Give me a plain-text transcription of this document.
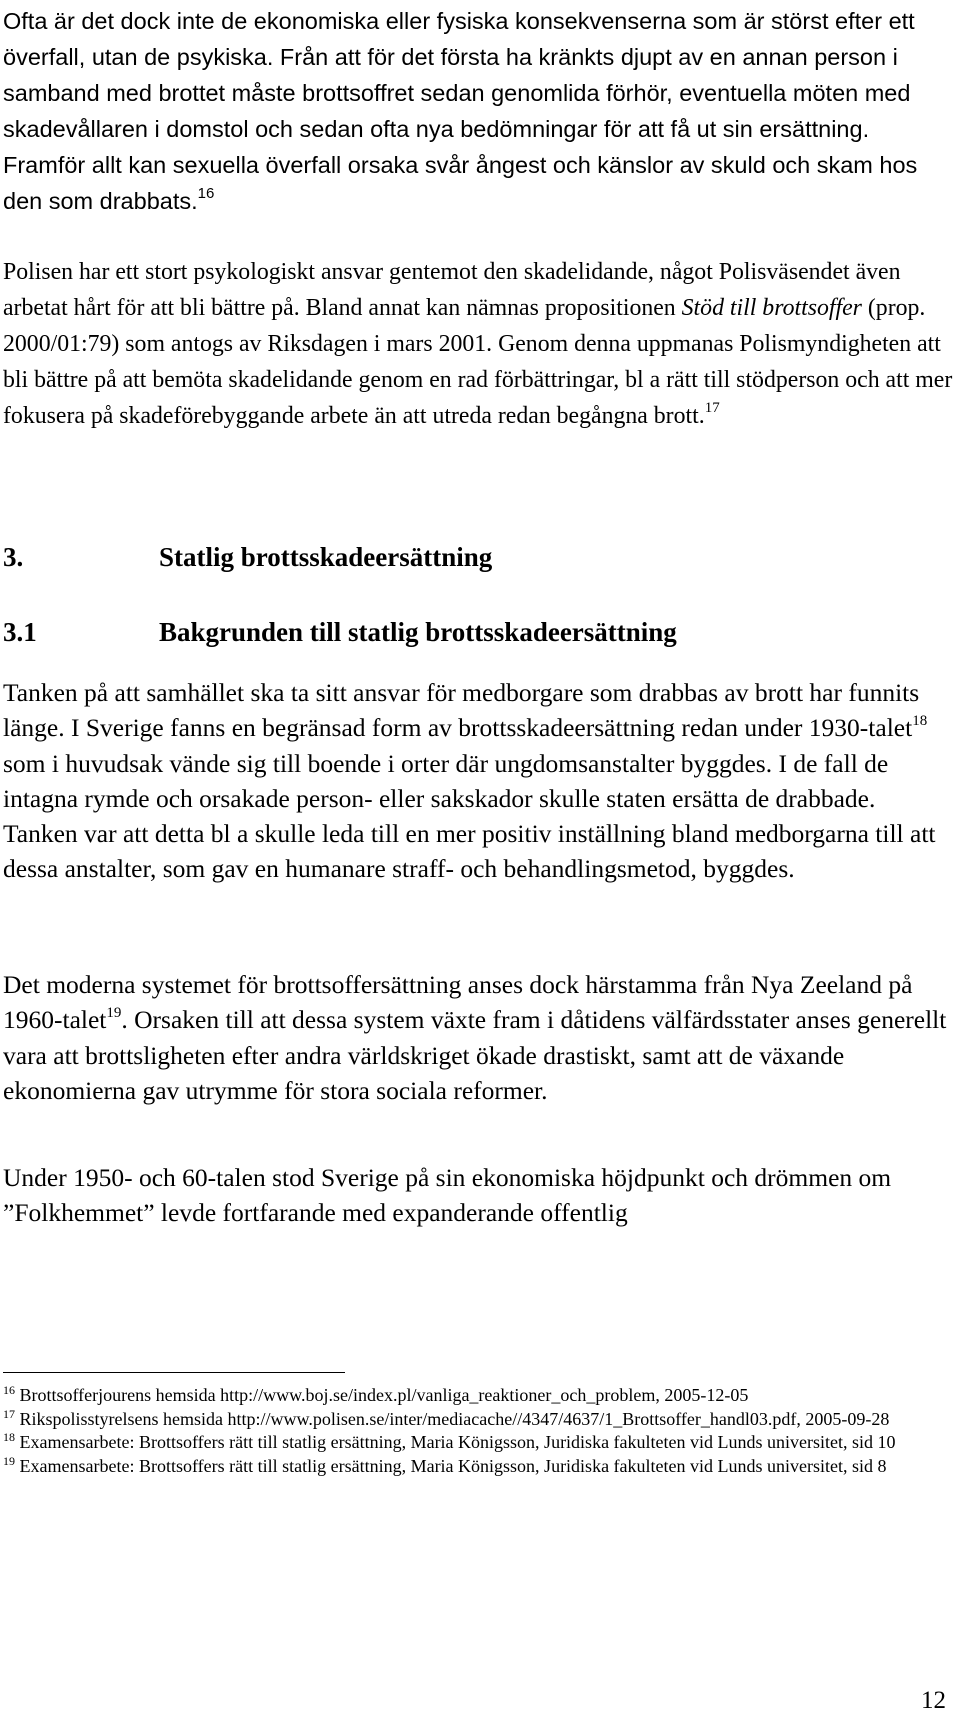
Ofta är det dock inte de ekonomiska eller fysiska konsekvenserna som är störst efter ett överfall, utan de psykiska. Från att för det första ha kränkts djupt av en annan person i samband med brottet måste brottsoffret sedan genomlida förhör, eventuella möten med skadevållaren i domstol och sedan ofta nya bedömningar för att få ut sin ersättning. Framför allt kan sexuella överfall orsaka svår ångest och känslor av skuld och skam hos den som drabbats.$^{16}$

Polisen har ett stort psykologiskt ansvar gentemot den skadelidande, något Polisväsendet även arbetat hårt för att bli bättre på. Bland annat kan nämnas propositionen Stöd till brottsoffer (prop. 2000/01:79) som antogs av Riksdagen i mars 2001. Genom denna uppmanas Polismyndigheten att bli bättre på att bemöta skadelidande genom en rad förbättringar, bl a rätt till stödperson och att mer fokusera på skadeförebyggande arbete än att utreda redan begångna brott.$^{17}$

3.	Statlig brottsskadeersättning
3.1	Bakgrunden till statlig brottsskadeersättning

Tanken på att samhället ska ta sitt ansvar för medborgare som drabbas av brott har funnits länge. I Sverige fanns en begränsad form av brottsskadeersättning redan under 1930-talet$^{18}$ som i huvudsak vände sig till boende i orter där ungdomsanstalter byggdes. I de fall de intagna rymde och orsakade person- eller sakskador skulle staten ersätta de drabbade. Tanken var att detta bl a skulle leda till en mer positiv inställning bland medborgarna till att dessa anstalter, som gav en humanare straff- och behandlingsmetod, byggdes.

Det moderna systemet för brottsoffersättning anses dock härstamma från Nya Zeeland på 1960-talet$^{19}$. Orsaken till att dessa system växte fram i dåtidens välfärdsstater anses generellt vara att brottsligheten efter andra världskriget ökade drastiskt, samt att de växande ekonomierna gav utrymme för stora sociala reformer.

Under 1950- och 60-talen stod Sverige på sin ekonomiska höjdpunkt och drömmen om ”Folkhemmet” levde fortfarande med expanderande offentlig

$^{16}$ Brottsofferjourens hemsida http://www.boj.se/index.pl/vanliga_reaktioner_och_problem, 2005-12-05

$^{17}$ Rikspolisstyrelsens hemsida http://www.polisen.se/inter/mediacache//4347/4637/1_Brottsoffer_handl03.pdf, 2005-09-28

$^{18}$ Examensarbete: Brottsoffers rätt till statlig ersättning, Maria Königsson, Juridiska fakulteten vid Lunds universitet, sid 10

$^{19}$ Examensarbete: Brottsoffers rätt till statlig ersättning, Maria Königsson, Juridiska fakulteten vid Lunds universitet, sid 8

12
